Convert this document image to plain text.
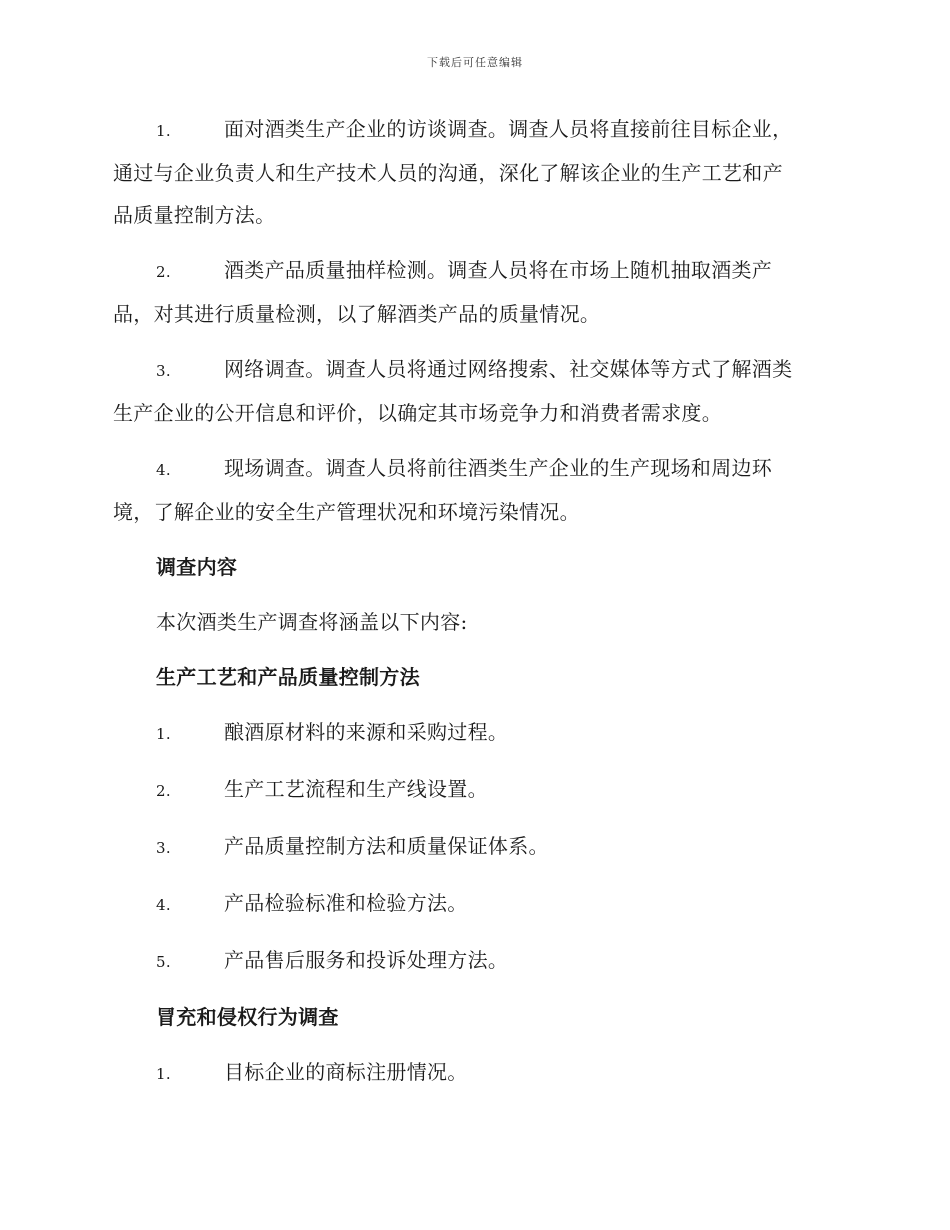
下载后可任意编辑
1.	面对酒类生产企业的访谈调查。调查人员将直接前往目标企业，
通过与企业负责人和生产技术人员的沟通，深化了解该企业的生产工艺和产
品质量控制方法。
2.	酒类产品质量抽样检测。调查人员将在市场上随机抽取酒类产
品，对其进行质量检测，以了解酒类产品的质量情况。
3.	网络调查。调查人员将通过网络搜索、社交媒体等方式了解酒类
生产企业的公开信息和评价，以确定其市场竞争力和消费者需求度。
4.	现场调查。调查人员将前往酒类生产企业的生产现场和周边环
境，了解企业的安全生产管理状况和环境污染情况。
调查内容
本次酒类生产调查将涵盖以下内容:
生产工艺和产品质量控制方法
1.	酿酒原材料的来源和采购过程。
2.	生产工艺流程和生产线设置。
3.	产品质量控制方法和质量保证体系。
4.	产品检验标准和检验方法。
5.	产品售后服务和投诉处理方法。
冒充和侵权行为调查
1.	目标企业的商标注册情况。
